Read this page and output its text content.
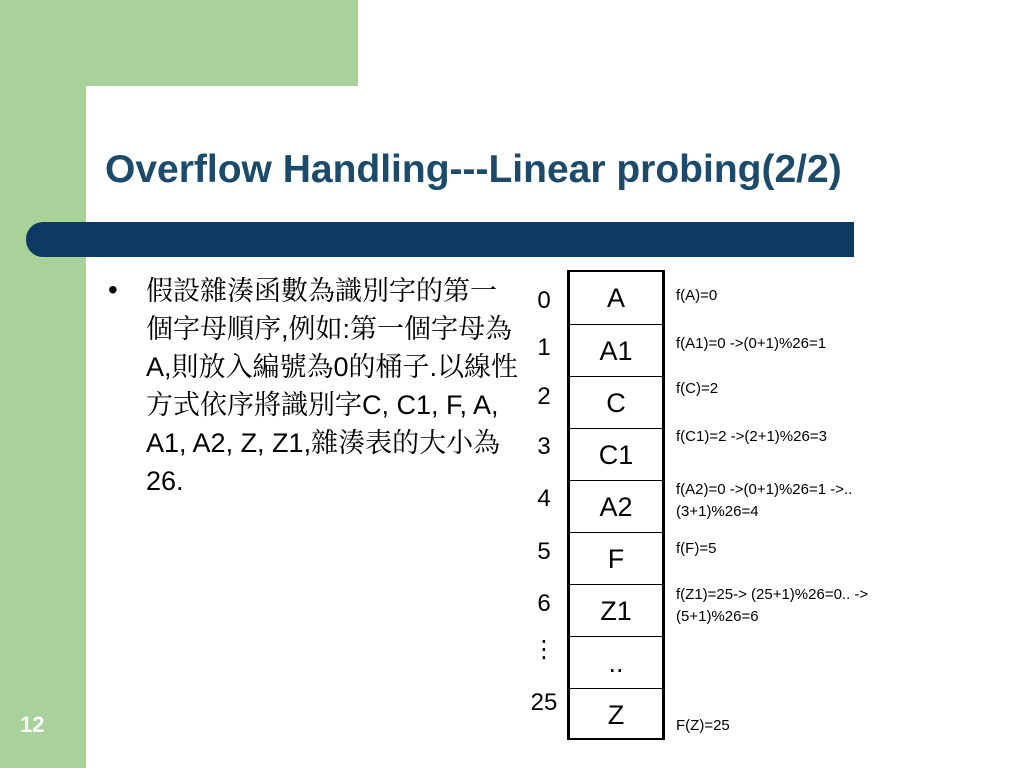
Overflow Handling---Linear probing(2/2)
• 假設雜湊函數為識別字的第一個字母順序,例如:第一個字母為A,則放入編號為0的桶子.以線性方式依序將識別字C, C1, F, A, A1, A2, Z, Z1,雜湊表的大小為26.

0
1
2
3
4
5
6
⋮
25
A
A1
C
C1
A2
F
Z1
..
Z
f(A)=0
f(A1)=0 ->(0+1)%26=1
f(C)=2
f(C1)=2 ->(2+1)%26=3
f(A2)=0 ->(0+1)%26=1 ->..(3+1)%26=4
f(F)=5
f(Z1)=25-> (25+1)%26=0.. ->(5+1)%26=6
F(Z)=25
12
